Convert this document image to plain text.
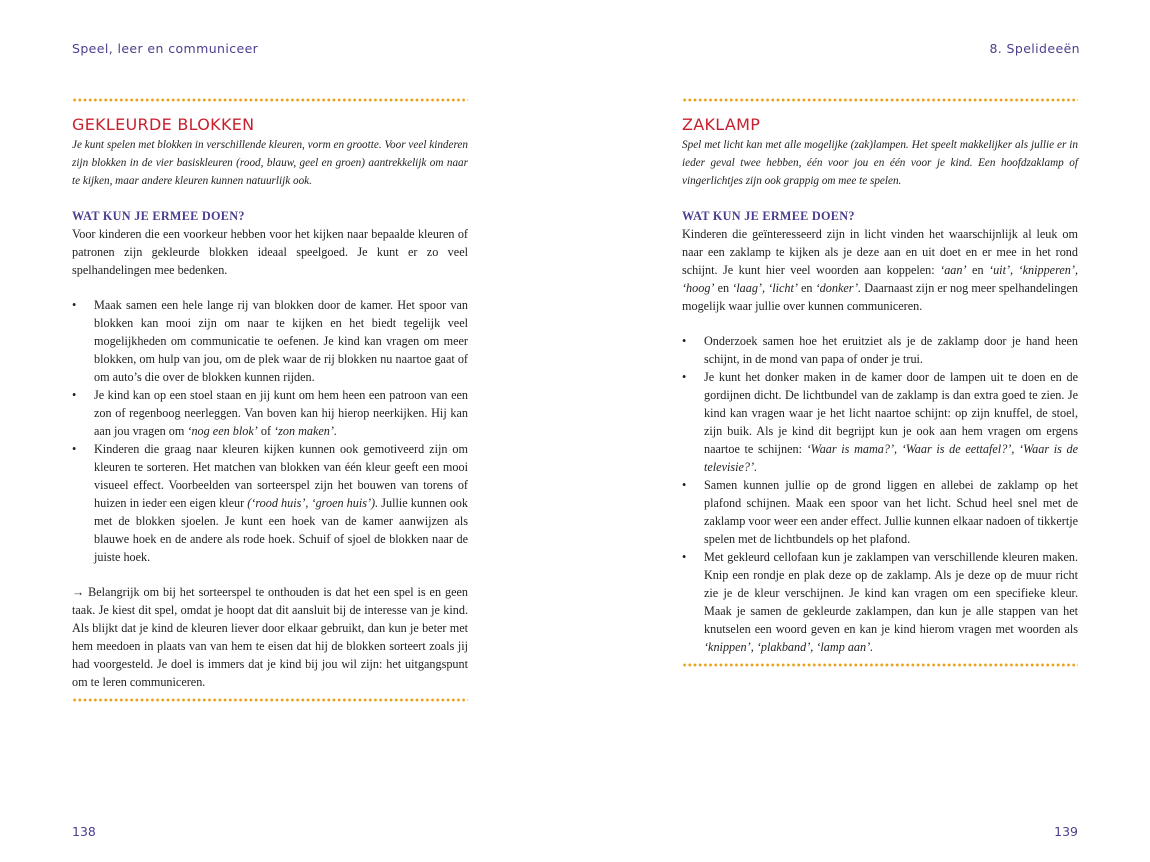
Speel, leer en communiceer
GEKLEURDE BLOKKEN

Je kunt spelen met blokken in verschillende kleuren, vorm en grootte. Voor veel kinderen zijn blokken in de vier basiskleuren (rood, blauw, geel en groen) aantrekkelijk om naar te kijken, maar andere kleuren kunnen natuurlijk ook.

WAT KUN JE ERMEE DOEN?

Voor kinderen die een voorkeur hebben voor het kijken naar bepaalde kleuren of patronen zijn gekleurde blokken ideaal speelgoed. Je kunt er zo veel spelhandelingen mee bedenken.

• Maak samen een hele lange rij van blokken door de kamer. Het spoor van blokken kan mooi zijn om naar te kijken en het biedt tegelijk veel mogelijkheden om communicatie te oefenen. Je kind kan vragen om meer blokken, om hulp van jou, om de plek waar de rij blokken nu naartoe gaat of om auto’s die over de blokken kunnen rijden.
• Je kind kan op een stoel staan en jij kunt om hem heen een patroon van een zon of regenboog neerleggen. Van boven kan hij hierop neerkijken. Hij kan aan jou vragen om ‘nog een blok’ of ‘zon maken’.
• Kinderen die graag naar kleuren kijken kunnen ook gemotiveerd zijn om kleuren te sorteren. Het matchen van blokken van één kleur geeft een mooi visueel effect. Voorbeelden van sorteerspel zijn het bouwen van torens of huizen in ieder een eigen kleur (‘rood huis’, ‘groen huis’). Jullie kunnen ook met de blokken sjoelen. Je kunt een hoek van de kamer aanwijzen als blauwe hoek en de andere als rode hoek. Schuif of sjoel de blokken naar de juiste hoek.

→ Belangrijk om bij het sorteerspel te onthouden is dat het een spel is en geen taak. Je kiest dit spel, omdat je hoopt dat dit aansluit bij de interesse van je kind. Als blijkt dat je kind de kleuren liever door elkaar gebruikt, dan kun je beter met hem meedoen in plaats van van hem te eisen dat hij de blokken sorteert zoals jij had voorgesteld. Je doel is immers dat je kind bij jou wil zijn: het uitgangspunt om te leren communiceren.

138
8. Spelideeën
ZAKLAMP

Spel met licht kan met alle mogelijke (zak)lampen. Het speelt makkelijker als jullie er in ieder geval twee hebben, één voor jou en één voor je kind. Een hoofdzaklamp of vingerlichtjes zijn ook grappig om mee te spelen.

WAT KUN JE ERMEE DOEN?

Kinderen die geïnteresseerd zijn in licht vinden het waarschijnlijk al leuk om naar een zaklamp te kijken als je deze aan en uit doet en er mee in het rond schijnt. Je kunt hier veel woorden aan koppelen: ‘aan’ en ‘uit’, ‘knipperen’, ‘hoog’ en ‘laag’, ‘licht’ en ‘donker’. Daarnaast zijn er nog meer spelhandelingen mogelijk waar jullie over kunnen communiceren.

• Onderzoek samen hoe het eruitziet als je de zaklamp door je hand heen schijnt, in de mond van papa of onder je trui.
• Je kunt het donker maken in de kamer door de lampen uit te doen en de gordijnen dicht. De lichtbundel van de zaklamp is dan extra goed te zien. Je kind kan vragen waar je het licht naartoe schijnt: op zijn knuffel, de stoel, zijn buik. Als je kind dit begrijpt kun je ook aan hem vragen om ergens naartoe te schijnen: ‘Waar is mama?’, ‘Waar is de eettafel?’, ‘Waar is de televisie?’.
• Samen kunnen jullie op de grond liggen en allebei de zaklamp op het plafond schijnen. Maak een spoor van het licht. Schud heel snel met de zaklamp voor weer een ander effect. Jullie kunnen elkaar nadoen of tikkertje spelen met de lichtbundels op het plafond.
• Met gekleurd cellofaan kun je zaklampen van verschillende kleuren maken. Knip een rondje en plak deze op de zaklamp. Als je deze op de muur richt zie je de kleur verschijnen. Je kind kan vragen om een specifieke kleur. Maak je samen de gekleurde zaklampen, dan kun je alle stappen van het knutselen een woord geven en kan je kind hierom vragen met woorden als ‘knippen’, ‘plakband’, ‘lamp aan’.
139
